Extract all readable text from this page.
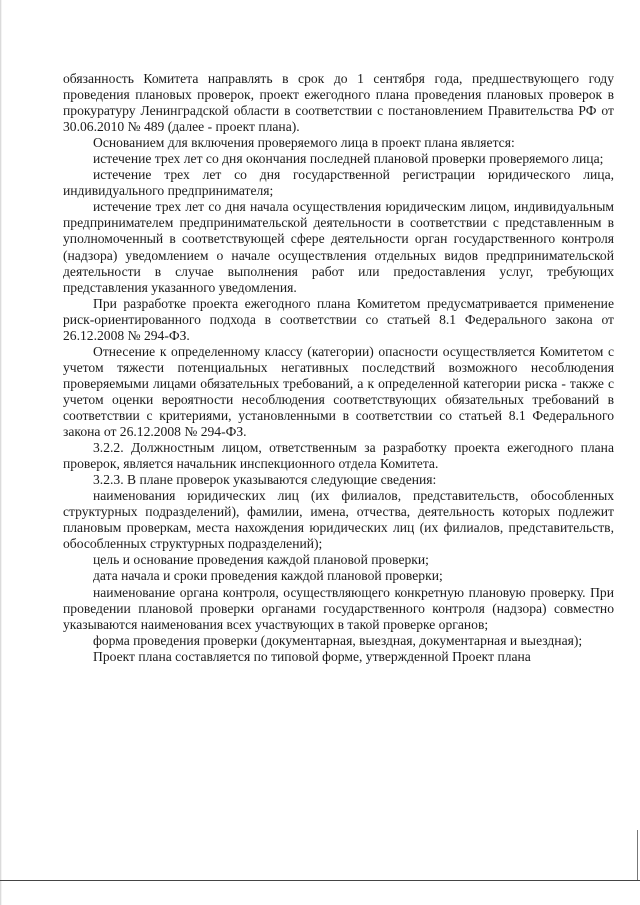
обязанность Комитета направлять в срок до 1 сентября года, предшествующего году проведения плановых проверок, проект ежегодного плана проведения плановых проверок в прокуратуру Ленинградской области в соответствии с постановлением Правительства РФ от 30.06.2010 № 489 (далее - проект плана).

Основанием для включения проверяемого лица в проект плана является:

истечение трех лет со дня окончания последней плановой проверки проверяемого лица;

истечение трех лет со дня государственной регистрации юридического лица, индивидуального предпринимателя;

истечение трех лет со дня начала осуществления юридическим лицом, индивидуальным предпринимателем предпринимательской деятельности в соответствии с представленным в уполномоченный в соответствующей сфере деятельности орган государственного контроля (надзора) уведомлением о начале осуществления отдельных видов предпринимательской деятельности в случае выполнения работ или предоставления услуг, требующих представления указанного уведомления.

При разработке проекта ежегодного плана Комитетом предусматривается применение риск-ориентированного подхода в соответствии со статьей 8.1 Федерального закона от 26.12.2008 № 294-ФЗ.

Отнесение к определенному классу (категории) опасности осуществляется Комитетом с учетом тяжести потенциальных негативных последствий возможного несоблюдения проверяемыми лицами обязательных требований, а к определенной категории риска - также с учетом оценки вероятности несоблюдения соответствующих обязательных требований в соответствии с критериями, установленными в соответствии со статьей 8.1 Федерального закона от 26.12.2008 № 294-ФЗ.

3.2.2. Должностным лицом, ответственным за разработку проекта ежегодного плана проверок, является начальник инспекционного отдела Комитета.

3.2.3. В плане проверок указываются следующие сведения:

наименования юридических лиц (их филиалов, представительств, обособленных структурных подразделений), фамилии, имена, отчества, деятельность которых подлежит плановым проверкам, места нахождения юридических лиц (их филиалов, представительств, обособленных структурных подразделений);

цель и основание проведения каждой плановой проверки;

дата начала и сроки проведения каждой плановой проверки;

наименование органа контроля, осуществляющего конкретную плановую проверку. При проведении плановой проверки органами государственного контроля (надзора) совместно указываются наименования всех участвующих в такой проверке органов;

форма проведения проверки (документарная, выездная, документарная и выездная);

Проект плана составляется по типовой форме, утвержденной Проект плана
